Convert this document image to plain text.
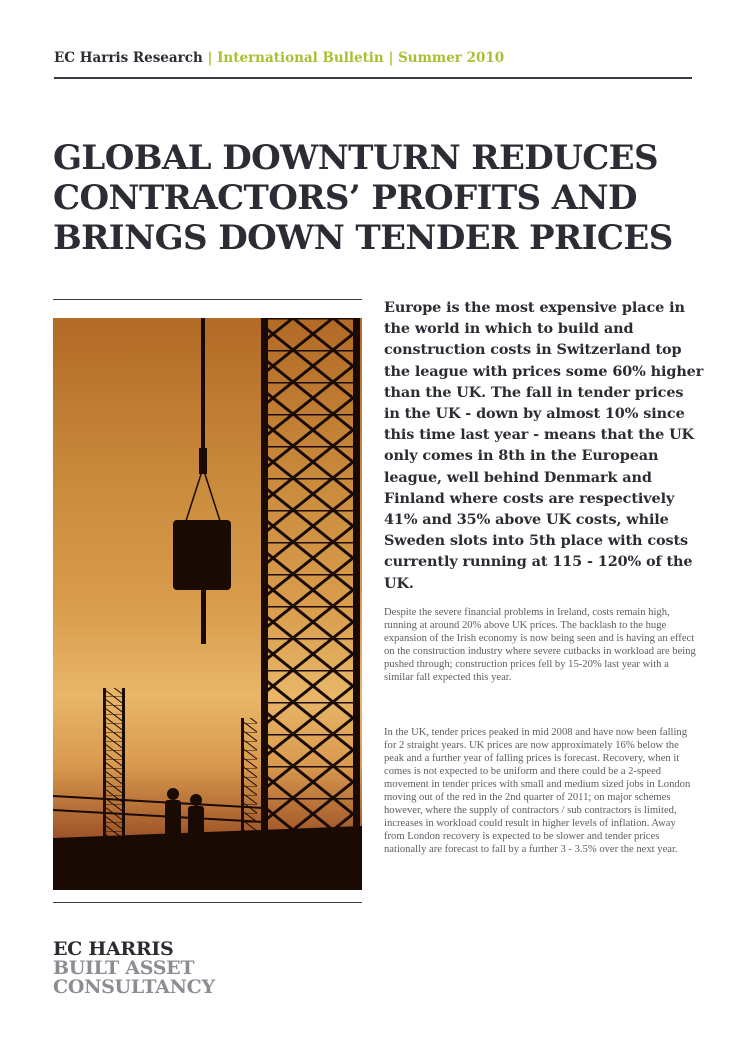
EC Harris Research | International Bulletin | Summer 2010
GLOBAL DOWNTURN REDUCES
CONTRACTORS’ PROFITS AND
BRINGS DOWN TENDER PRICES
Europe is the most expensive place in the world in which to build and construction costs in Switzerland top the league with prices some 60% higher than the UK. The fall in tender prices in the UK - down by almost 10% since this time last year - means that the UK only comes in 8th in the European league, well behind Denmark and Finland where costs are respectively 41% and 35% above UK costs, while Sweden slots into 5th place with costs currently running at 115 - 120% of the UK.

Despite the severe financial problems in Ireland, costs remain high, running at around 20% above UK prices. The backlash to the huge expansion of the Irish economy is now being seen and is having an effect on the construction industry where severe cutbacks in workload are being pushed through; construction prices fell by 15-20% last year with a similar fall expected this year.

In the UK, tender prices peaked in mid 2008 and have now been falling for 2 straight years. UK prices are now approximately 16% below the peak and a further year of falling prices is forecast. Recovery, when it comes is not expected to be uniform and there could be a 2-speed movement in tender prices with small and medium sized jobs in London moving out of the red in the 2nd quarter of 2011; on major schemes however, where the supply of contractors / sub contractors is limited, increases in workload could result in higher levels of inflation. Away from London recovery is expected to be slower and tender prices nationally are forecast to fall by a further 3 - 3.5% over the next year.

EC HARRIS
BUILT ASSET
CONSULTANCY
